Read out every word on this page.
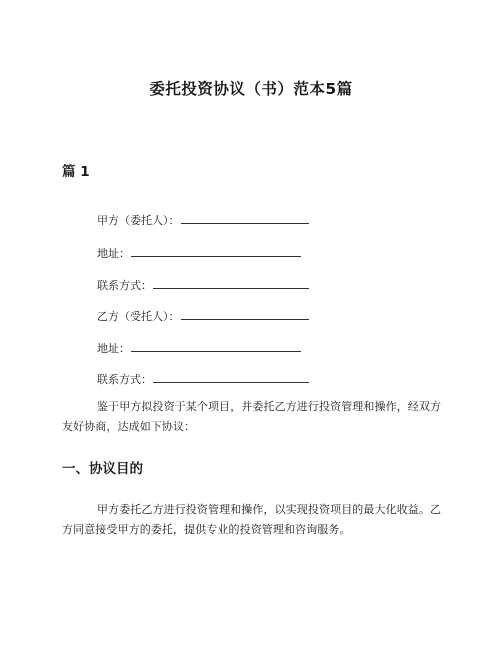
委托投资协议（书）范本5篇
篇 1
甲方（委托人）：
地址：
联系方式：
乙方（受托人）：
地址：
联系方式：
鉴于甲方拟投资于某个项目，并委托乙方进行投资管理和操作，经双方友好协商，达成如下协议：
一、协议目的
甲方委托乙方进行投资管理和操作，以实现投资项目的最大化收益。乙方同意接受甲方的委托，提供专业的投资管理和咨询服务。
